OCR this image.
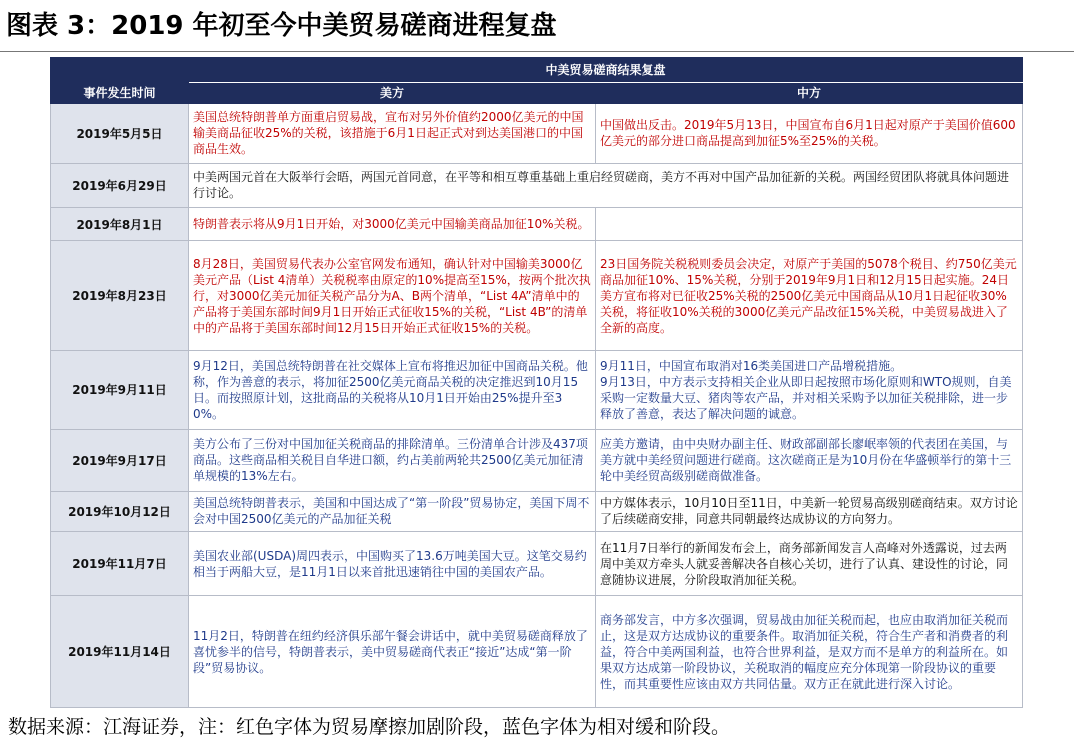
图表 3：2019 年初至今中美贸易磋商进程复盘
	中美贸易磋商结果复盘	
事件发生时间	美方	中方
2019年5月5日	美国总统特朗普单方面重启贸易战，宣布对另外价值约2000亿美元的中国输美商品征收25%的关税，该措施于6月1日起正式对到达美国港口的中国商品生效。	中国做出反击。2019年5月13日，中国宣布自6月1日起对原产于美国价值600亿美元的部分进口商品提高到加征5%至25%的关税。
2019年6月29日	中美两国元首在大阪举行会晤，两国元首同意，在平等和相互尊重基础上重启经贸磋商，美方不再对中国产品加征新的关税。两国经贸团队将就具体问题进行讨论。	
2019年8月1日	特朗普表示将从9月1日开始，对3000亿美元中国输美商品加征10%关税。	
2019年8月23日	8月28日，美国贸易代表办公室官网发布通知，确认针对中国输美3000亿美元产品（List 4清单）关税税率由原定的10%提高至15%，按两个批次执行，对3000亿美元加征关税产品分为A、B两个清单，“List 4A”清单中的产品将于美国东部时间9月1日开始正式征收15%的关税，“List 4B”的清单中的产品将于美国东部时间12月15日开始正式征收15%的关税。	23日国务院关税税则委员会决定，对原产于美国的5078个税目、约750亿美元商品加征10%、15%关税，分别于2019年9月1日和12月15日起实施。24日美方宣布将对已征收25%关税的2500亿美元中国商品从10月1日起征收30%关税，将征收10%关税的3000亿美元产品改征15%关税，中美贸易战进入了全新的高度。
2019年9月11日	9月12日，美国总统特朗普在社交媒体上宣布将推迟加征中国商品关税。他称，作为善意的表示，将加征2500亿美元商品关税的决定推迟到10月15日。而按照原计划，这批商品的关税将从10月1日开始由25%提升至30%。	9月11日，中国宣布取消对16类美国进口产品增税措施。
9月13日，中方表示支持相关企业从即日起按照市场化原则和WTO规则，自美采购一定数量大豆、猪肉等农产品，并对相关采购予以加征关税排除，进一步释放了善意，表达了解决问题的诚意。

2019年9月17日	美方公布了三份对中国加征关税商品的排除清单。三份清单合计涉及437项商品。这些商品相关税目自华进口额，约占美前两轮共2500亿美元加征清单规模的13%左右。	应美方邀请，由中央财办副主任、财政部副部长廖岷率领的代表团在美国，与美方就中美经贸问题进行磋商。这次磋商正是为10月份在华盛顿举行的第十三轮中美经贸高级别磋商做准备。
2019年10月12日	美国总统特朗普表示，美国和中国达成了“第一阶段”贸易协定，美国下周不会对中国2500亿美元的产品加征关税	中方媒体表示，10月10日至11日，中美新一轮贸易高级别磋商结束。双方讨论了后续磋商安排，同意共同朝最终达成协议的方向努力。
2019年11月7日	美国农业部(USDA)周四表示，中国购买了13.6万吨美国大豆。这笔交易约相当于两船大豆，是11月1日以来首批迅速销往中国的美国农产品。	在11月7日举行的新闻发布会上，商务部新闻发言人高峰对外透露说，过去两周中美双方牵头人就妥善解决各自核心关切，进行了认真、建设性的讨论，同意随协议进展，分阶段取消加征关税。
2019年11月14日	11月2日，特朗普在纽约经济俱乐部午餐会讲话中，就中美贸易磋商释放了喜忧参半的信号，特朗普表示，美中贸易磋商代表正“接近”达成“第一阶段”贸易协议。	商务部发言，中方多次强调，贸易战由加征关税而起，也应由取消加征关税而止，这是双方达成协议的重要条件。取消加征关税，符合生产者和消费者的利益，符合中美两国利益，也符合世界利益，是双方而不是单方的利益所在。如果双方达成第一阶段协议，关税取消的幅度应充分体现第一阶段协议的重要性，而其重要性应该由双方共同估量。双方正在就此进行深入讨论。
数据来源：江海证券，注：红色字体为贸易摩擦加剧阶段，蓝色字体为相对缓和阶段。
